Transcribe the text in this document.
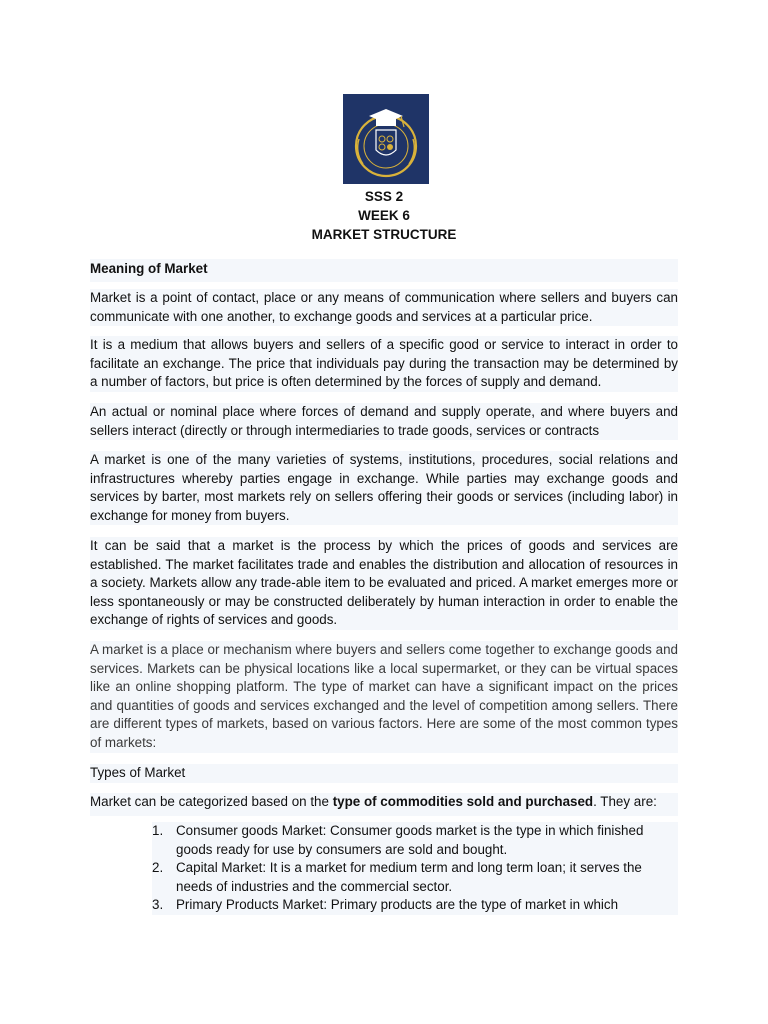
SSS 2
WEEK 6
MARKET STRUCTURE

Meaning of Market

Market is a point of contact, place or any means of communication where sellers and buyers can communicate with one another, to exchange goods and services at a particular price.

It is a medium that allows buyers and sellers of a specific good or service to interact in order to facilitate an exchange. The price that individuals pay during the transaction may be determined by a number of factors, but price is often determined by the forces of supply and demand.

An actual or nominal place where forces of demand and supply operate, and where buyers and sellers interact (directly or through intermediaries to trade goods, services or contracts

A market is one of the many varieties of systems, institutions, procedures, social relations and infrastructures whereby parties engage in exchange. While parties may exchange goods and services by barter, most markets rely on sellers offering their goods or services (including labor) in exchange for money from buyers.

It can be said that a market is the process by which the prices of goods and services are established. The market facilitates trade and enables the distribution and allocation of resources in a society. Markets allow any trade-able item to be evaluated and priced. A market emerges more or less spontaneously or may be constructed deliberately by human interaction in order to enable the exchange of rights of services and goods.

A market is a place or mechanism where buyers and sellers come together to exchange goods and services. Markets can be physical locations like a local supermarket, or they can be virtual spaces like an online shopping platform. The type of market can have a significant impact on the prices and quantities of goods and services exchanged and the level of competition among sellers. There are different types of markets, based on various factors. Here are some of the most common types of markets:

Types of Market

Market can be categorized based on the type of commodities sold and purchased. They are:

1. Consumer goods Market: Consumer goods market is the type in which finished goods ready for use by consumers are sold and bought.
2. Capital Market: It is a market for medium term and long term loan; it serves the needs of industries and the commercial sector.
3. Primary Products Market: Primary products are the type of market in which
